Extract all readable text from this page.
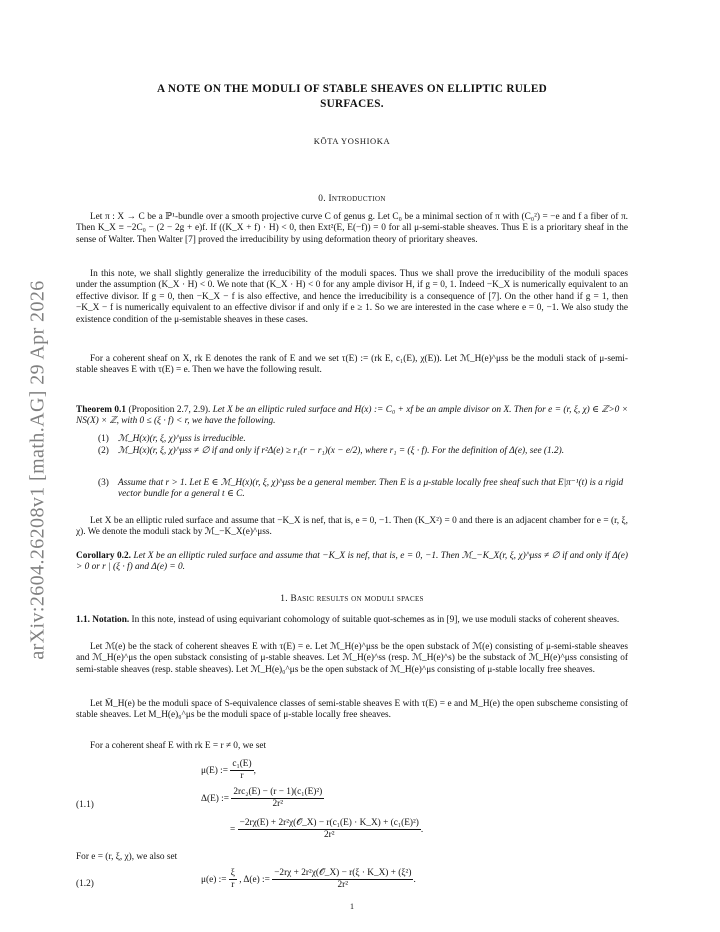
arXiv:2604.26208v1 [math.AG] 29 Apr 2026
A NOTE ON THE MODULI OF STABLE SHEAVES ON ELLIPTIC RULED
SURFACES.
KŌTA YOSHIOKA
0. Introduction
Let π : X → C be a ℙ¹-bundle over a smooth projective curve C of genus g. Let C₀ be a minimal section of π with (C₀²) = −e and f a fiber of π. Then K_X ≡ −2C₀ − (2 − 2g + e)f. If ((K_X + f) · H) < 0, then Ext²(E, E(−f)) = 0 for all μ-semi-stable sheaves. Thus E is a prioritary sheaf in the sense of Walter. Then Walter [7] proved the irreducibility by using deformation theory of prioritary sheaves.
In this note, we shall slightly generalize the irreducibility of the moduli spaces. Thus we shall prove the irreducibility of the moduli spaces under the assumption (K_X · H) < 0. We note that (K_X · H) < 0 for any ample divisor H, if g = 0, 1. Indeed −K_X is numerically equivalent to an effective divisor. If g = 0, then −K_X − f is also effective, and hence the irreducibility is a consequence of [7]. On the other hand if g = 1, then −K_X − f is numerically equivalent to an effective divisor if and only if e ≥ 1. So we are interested in the case where e = 0, −1. We also study the existence condition of the μ-semistable sheaves in these cases.
For a coherent sheaf on X, rk E denotes the rank of E and we set τ(E) := (rk E, c₁(E), χ(E)). Let ℳ_H(e)^μss be the moduli stack of μ-semi-stable sheaves E with τ(E) = e. Then we have the following result.
Theorem 0.1 (Proposition 2.7, 2.9). Let X be an elliptic ruled surface and H(x) := C₀ + xf be an ample divisor on X. Then for e = (r, ξ, χ) ∈ ℤ>0 × NS(X) × ℤ, with 0 ≤ (ξ · f) < r, we have the following.
(1) ℳ_H(x)(r, ξ, χ)^μss is irreducible.
(2) ℳ_H(x)(r, ξ, χ)^μss ≠ ∅ if and only if r²Δ(e) ≥ r₁(r − r₁)(x − e/2), where r₁ = (ξ · f). For the definition of Δ(e), see (1.2).
(3) Assume that r > 1. Let E ∈ ℳ_H(x)(r, ξ, χ)^μss be a general member. Then E is a μ-stable locally free sheaf such that E|π⁻¹(t) is a rigid vector bundle for a general t ∈ C.
Let X be an elliptic ruled surface and assume that −K_X is nef, that is, e = 0, −1. Then (K_X²) = 0 and there is an adjacent chamber for e = (r, ξ, χ). We denote the moduli stack by ℳ_−K_X(e)^μss.
Corollary 0.2. Let X be an elliptic ruled surface and assume that −K_X is nef, that is, e = 0, −1. Then ℳ_−K_X(r, ξ, χ)^μss ≠ ∅ if and only if Δ(e) > 0 or r | (ξ · f) and Δ(e) = 0.
1. Basic results on moduli spaces
1.1. Notation. In this note, instead of using equivariant cohomology of suitable quot-schemes as in [9], we use moduli stacks of coherent sheaves.
Let ℳ(e) be the stack of coherent sheaves E with τ(E) = e. Let ℳ_H(e)^μss be the open substack of ℳ(e) consisting of μ-semi-stable sheaves and ℳ_H(e)^μs the open substack consisting of μ-stable sheaves. Let ℳ_H(e)^ss (resp. ℳ_H(e)^s) be the substack of ℳ_H(e)^μss consisting of semi-stable sheaves (resp. stable sheaves). Let ℳ_H(e)₀^μs be the open substack of ℳ_H(e)^μs consisting of μ-stable locally free sheaves.
Let M̄_H(e) be the moduli space of S-equivalence classes of semi-stable sheaves E with τ(E) = e and M_H(e) the open subscheme consisting of stable sheaves. Let M_H(e)₀^μs be the moduli space of μ-stable locally free sheaves.
For a coherent sheaf E with rk E = r ≠ 0, we set
(1.1)
μ(E) := $\frac{\text{c₁(E)}}{r}$ ,
Δ(E) := $\frac{\text{2rc₂(E) − (r − 1)(c₁(E)²)}}{\text{2r²}}$
= $\frac{\text{−2rχ(E) + 2r²χ(𝒪\_X) − r(c₁(E) · K\_X) + (c₁(E)²)}}{\text{2r²}}$ .
For e = (r, ξ, χ), we also set
(1.2)	μ(e) := $\frac{\xi}{r}$ , Δ(e) := $\frac{\text{−2rχ + 2r²χ(𝒪\_X) − r(ξ · K\_X) + (ξ²)}}{\text{2r²}}$ .
1
